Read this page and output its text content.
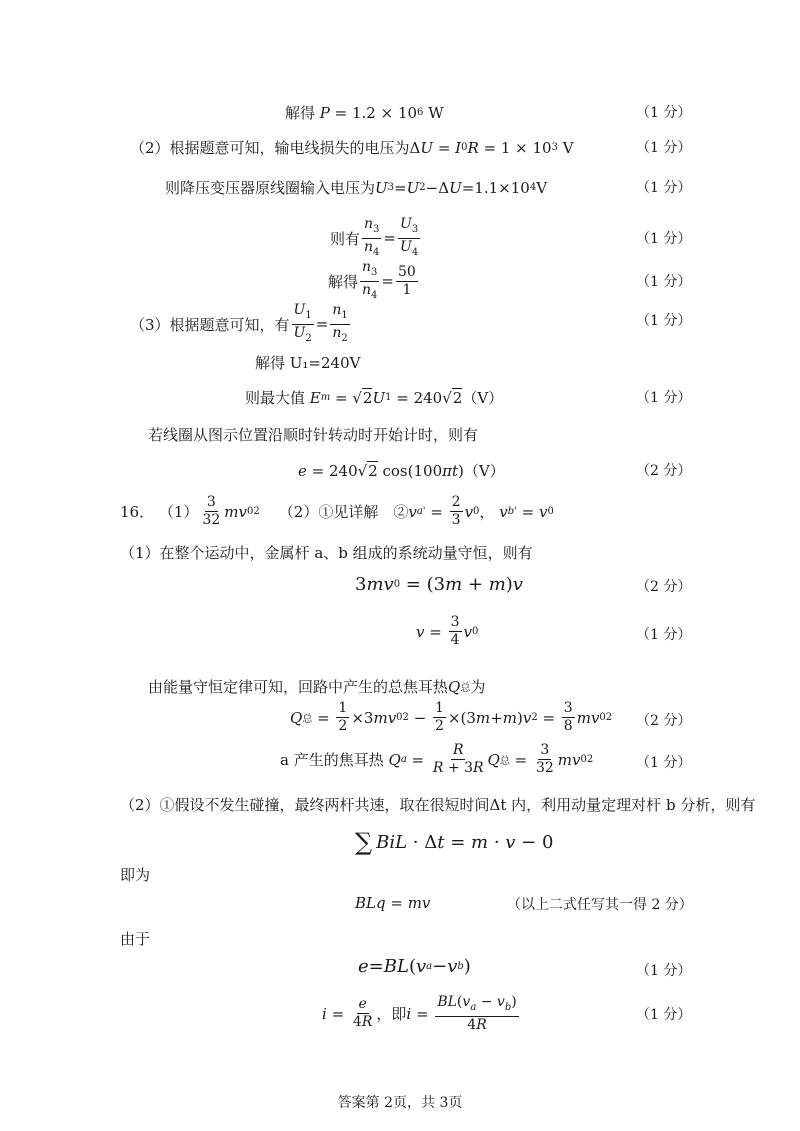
解得
P = 1.2 × 10 6 W	（1 分）
（2）根据题意可知，输电线损失的电压为 Δ U = I 0 R = 1 × 10 3 V	（1 分）
则降压变压器原线圈输入电压为 U 3 = U 2 −Δ U =1.1×10 4 V	（1 分）
则有 $\frac{n_3}{n_4} = \frac{U_3}{U_4}$	（1 分）
解得 $\frac{n_3}{n_4} = \frac{50}{1}$	（1 分）
（3）根据题意可知，有 $\frac{U_1}{U_2} = \frac{n_1}{n_2}$	（1 分）
解得 U₁=240V
则最大值
E m = √ 2 U 1 = 240√ 2 （V）	（1 分）
若线圈从图示位置沿顺时针转动时开始计时，则有
e = 240√ 2 cos(100 πt ) （V）	（2 分）
16．
$(1) \frac{3}{32}$ mv 0 2
（2）①见详解　② v a ' = $\frac{2}{3}$ v 0 ， v b ' = v 0
（1）在整个运动中，金属杆 a、b 组成的系统动量守恒，则有
3 mv 0 = (3 m + m ) v	（2 分）
$v = \frac{3}{4}$ v 0	（1 分）
由能量守恒定律可知，回路中产生的总焦耳热 Q 总 为
Q 总 = $\frac{1}{2} \times 3$ mv 0 $2 - \frac{1}{2} \times(3$ m + m ) v $2 = \frac{3}{8}$ mv 0 2 （2 分）
a 产生的焦耳热
Q $a = \frac{R}{R + 3R}$ Q 总 = $\frac{3}{32}$ mv 0 2	（1 分）
（2）①假设不发生碰撞，最终两杆共速，取在很短时间Δt 内，利用动量定理对杆 b 分析，则有
∑ BiL · Δ t = m · v − 0
即为
BLq = mv	（以上二式任写其一得 2 分）
由于
e = BL ( v a − v b )	（1 分）
$i = \frac{e}{4R}$ ，即 $i = \frac{BL(v_a - v_b)}{4R}$	（1 分）
答案第 2页，共 3页
